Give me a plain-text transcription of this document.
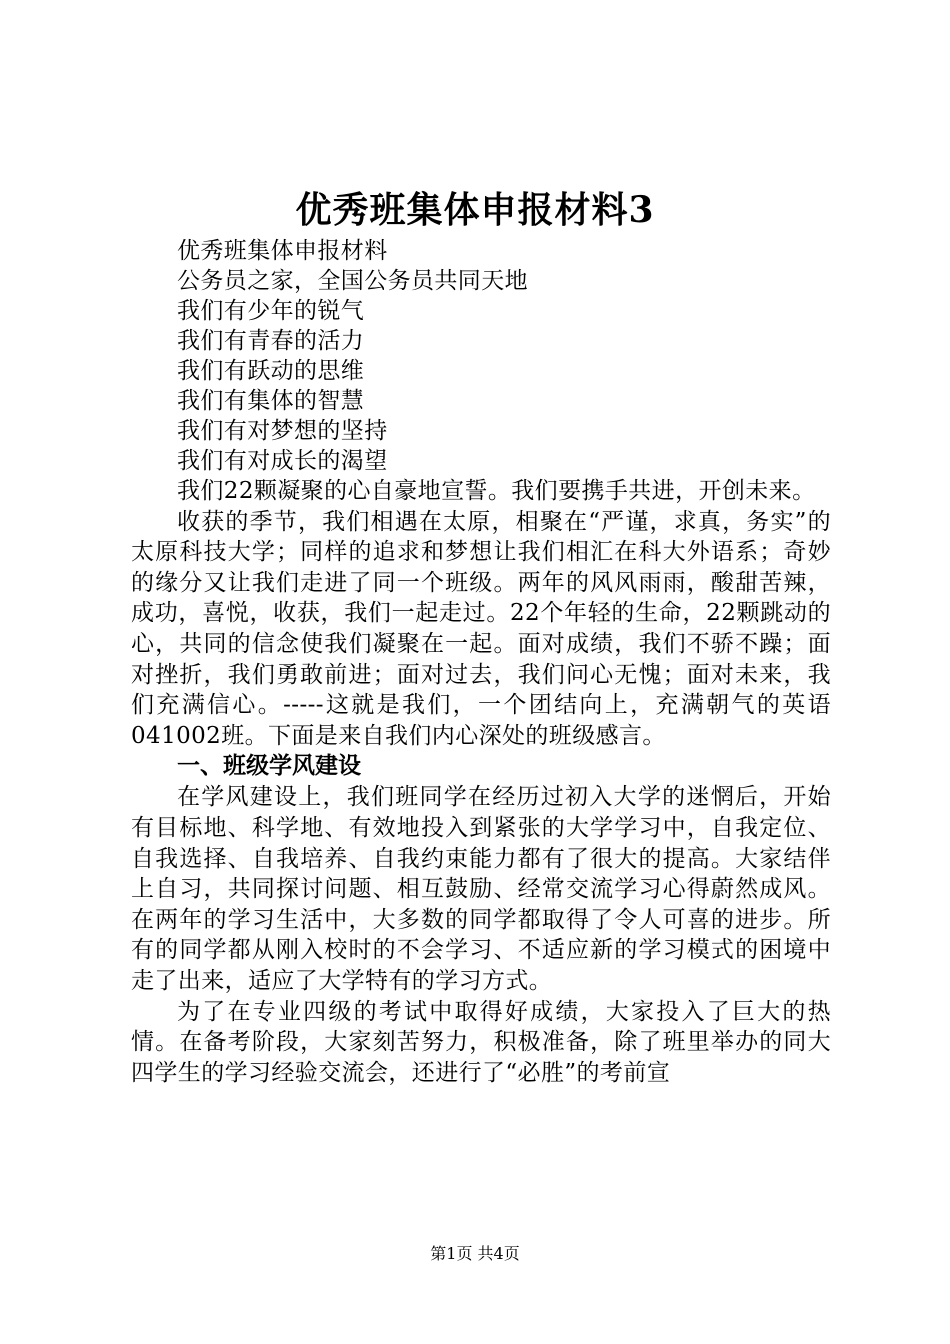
优秀班集体申报材料3

优秀班集体申报材料

公务员之家，全国公务员共同天地

我们有少年的锐气

我们有青春的活力

我们有跃动的思维

我们有集体的智慧

我们有对梦想的坚持

我们有对成长的渴望

我们22颗凝聚的心自豪地宣誓。我们要携手共进，开创未来。

收获的季节，我们相遇在太原，相聚在“严谨，求真，务实”的太原科技大学；同样的追求和梦想让我们相汇在科大外语系；奇妙的缘分又让我们走进了同一个班级。两年的风风雨雨，酸甜苦辣，成功，喜悦，收获，我们一起走过。22个年轻的生命，22颗跳动的心，共同的信念使我们凝聚在一起。面对成绩，我们不骄不躁；面对挫折，我们勇敢前进；面对过去，我们问心无愧；面对未来，我们充满信心。-----这就是我们，一个团结向上，充满朝气的英语041002班。下面是来自我们内心深处的班级感言。

一、班级学风建设

在学风建设上，我们班同学在经历过初入大学的迷惘后，开始有目标地、科学地、有效地投入到紧张的大学学习中，自我定位、自我选择、自我培养、自我约束能力都有了很大的提高。大家结伴上自习，共同探讨问题、相互鼓励、经常交流学习心得蔚然成风。在两年的学习生活中，大多数的同学都取得了令人可喜的进步。所有的同学都从刚入校时的不会学习、不适应新的学习模式的困境中走了出来，适应了大学特有的学习方式。

为了在专业四级的考试中取得好成绩，大家投入了巨大的热情。在备考阶段，大家刻苦努力，积极准备，除了班里举办的同大四学生的学习经验交流会，还进行了“必胜”的考前宣

第1页 共4页
